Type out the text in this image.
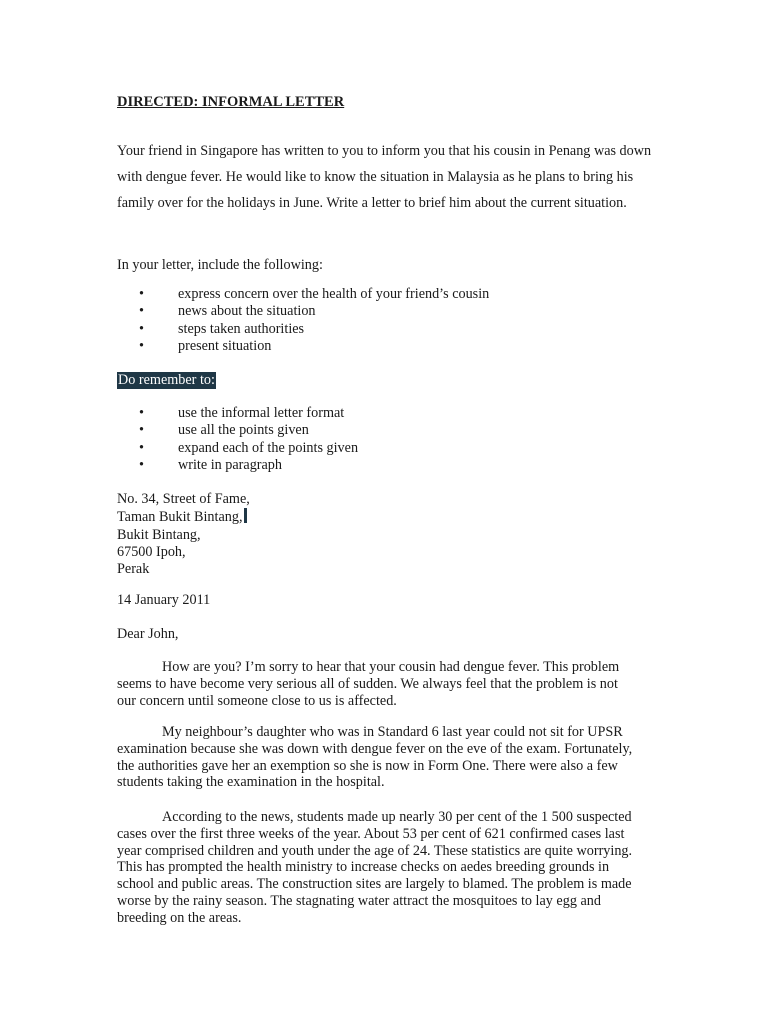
DIRECTED: INFORMAL LETTER
Your friend in Singapore has written to you to inform you that his cousin in Penang was down with dengue fever. He would like to know the situation in Malaysia as he plans to bring his family over for the holidays in June. Write a letter to brief him about the current situation.
In your letter, include the following:
• express concern over the health of your friend’s cousin
• news about the situation
• steps taken authorities
• present situation
Do remember to:
• use the informal letter format
• use all the points given
• expand each of the points given
• write in paragraph
No. 34, Street of Fame,
Taman Bukit Bintang,
Bukit Bintang,
67500 Ipoh,
Perak
14 January 2011
Dear John,
How are you? I’m sorry to hear that your cousin had dengue fever. This problem seems to have become very serious all of sudden. We always feel that the problem is not our concern until someone close to us is affected.
My neighbour’s daughter who was in Standard 6 last year could not sit for UPSR examination because she was down with dengue fever on the eve of the exam. Fortunately, the authorities gave her an exemption so she is now in Form One. There were also a few students taking the examination in the hospital.
According to the news, students made up nearly 30 per cent of the 1 500 suspected cases over the first three weeks of the year. About 53 per cent of 621 confirmed cases last year comprised children and youth under the age of 24. These statistics are quite worrying. This has prompted the health ministry to increase checks on aedes breeding grounds in school and public areas. The construction sites are largely to blamed. The problem is made worse by the rainy season. The stagnating water attract the mosquitoes to lay egg and breeding on the areas.
